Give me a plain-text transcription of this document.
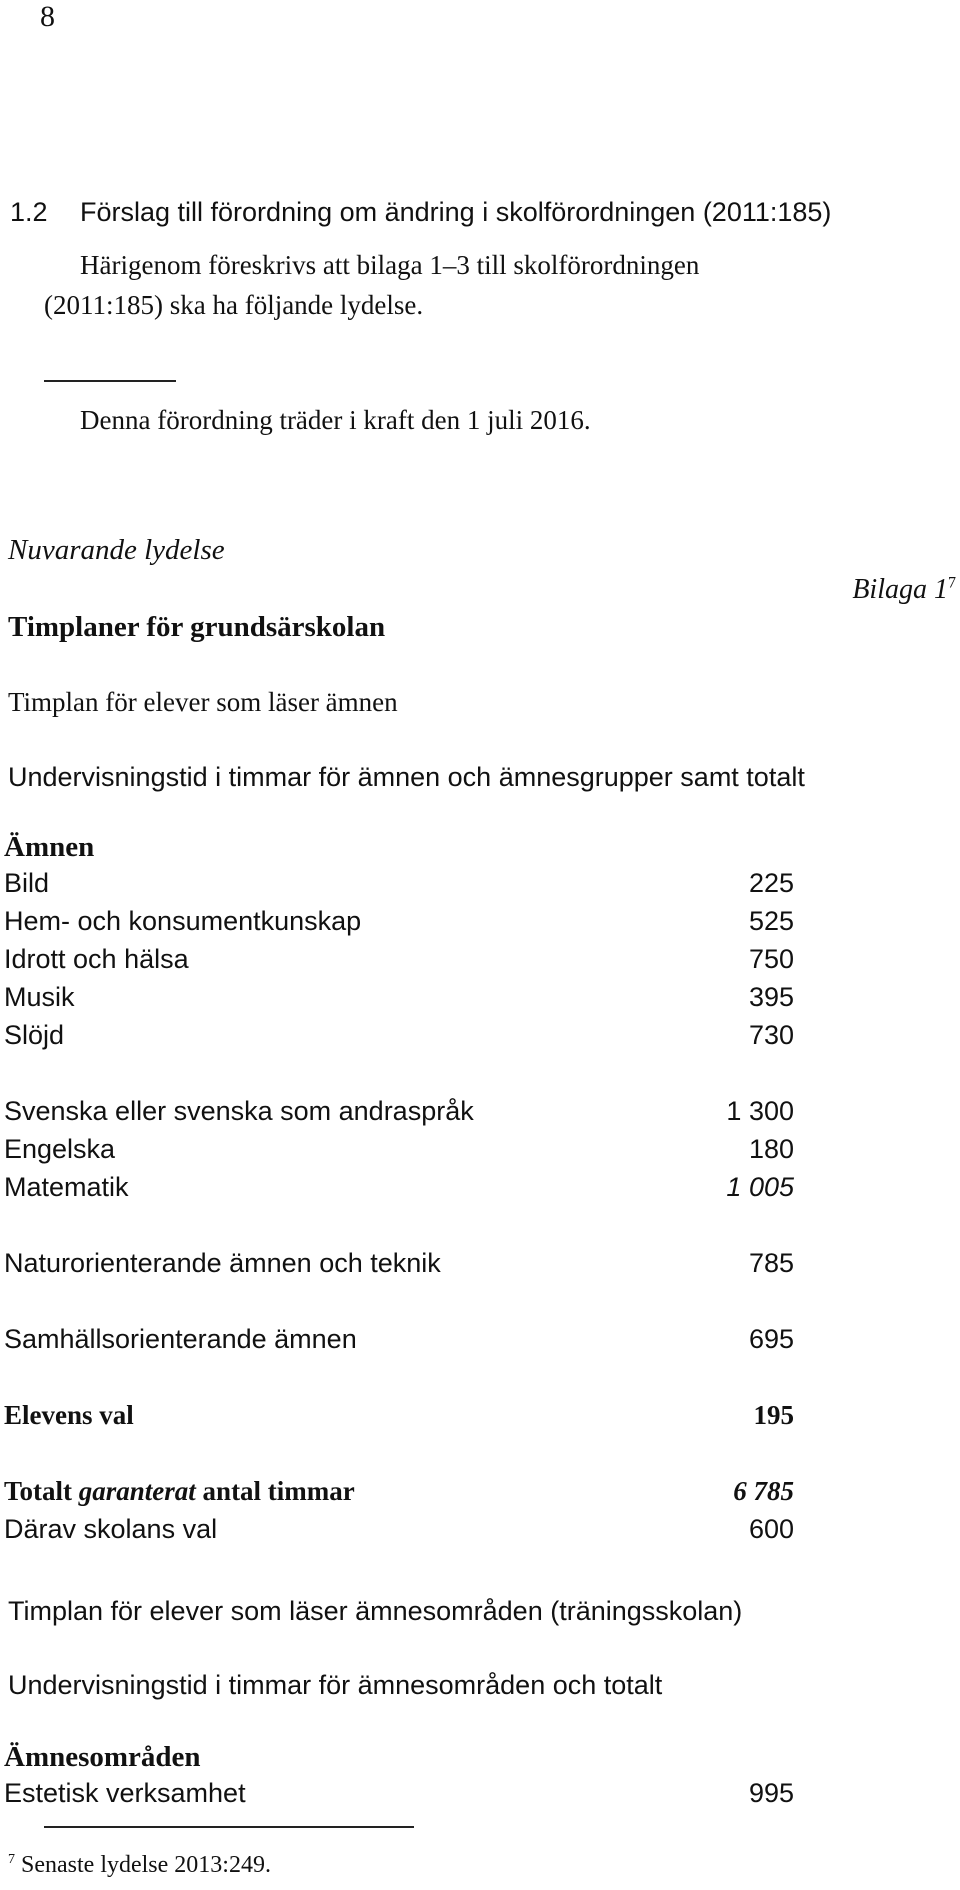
8
1.2 Förslag till förordning om ändring i skolförordningen (2011:185)
Härigenom föreskrivs att bilaga 1–3 till skolförordningen
(2011:185) ska ha följande lydelse.
Denna förordning träder i kraft den 1 juli 2016.
Nuvarande lydelse
Bilaga $1^7$
Timplaner för grundsärskolan
Timplan för elever som läser ämnen
Undervisningstid i timmar för ämnen och ämnesgrupper samt totalt
Ämnen
Bild	225
Hem- och konsumentkunskap	525
Idrott och hälsa	750
Musik	395
Slöjd	730
Svenska eller svenska som andraspråk	1 300
Engelska	180
Matematik	1 005
Naturorienterande ämnen och teknik	785
Samhällsorienterande ämnen	695
Elevens val	195
Totalt garanterat antal timmar	6 785
Därav skolans val	600
Timplan för elever som läser ämnesområden (träningsskolan)
Undervisningstid i timmar för ämnesområden och totalt
Ämnesområden
Estetisk verksamhet	995
$^7$ Senaste lydelse 2013:249.
